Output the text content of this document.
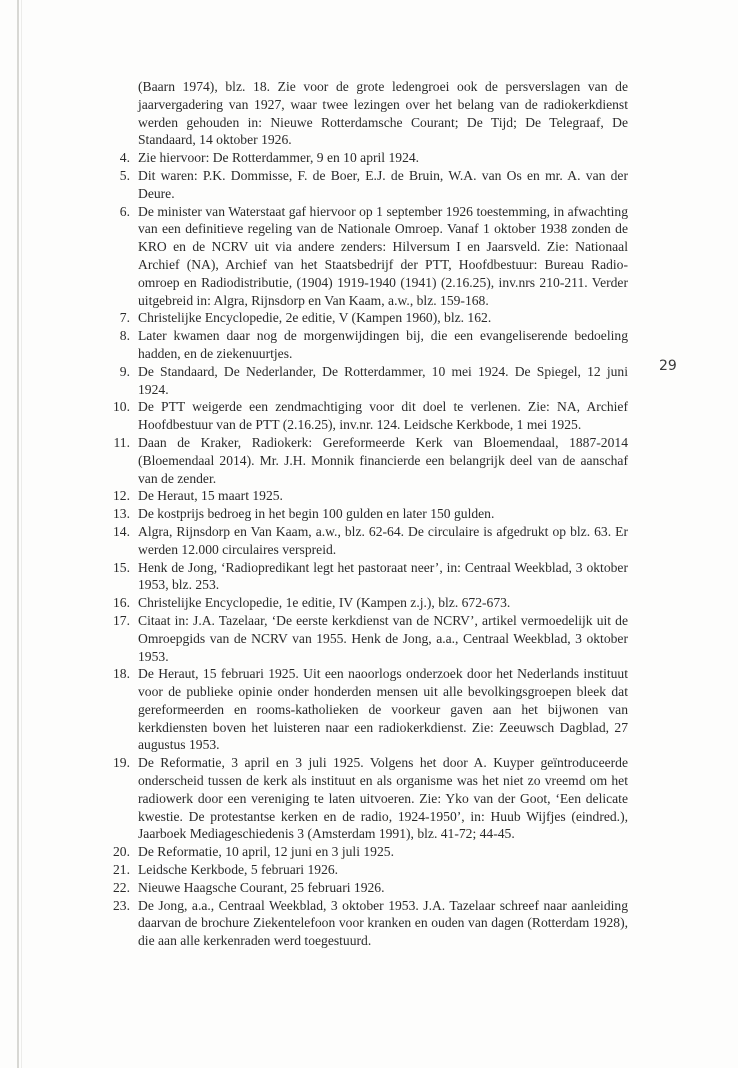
(Baarn 1974), blz. 18. Zie voor de grote ledengroei ook de persverslagen van de jaarvergadering van 1927, waar twee lezingen over het belang van de radiokerkdienst werden gehouden in: Nieuwe Rotterdamsche Courant; De Tijd; De Telegraaf, De Standaard, 14 oktober 1926.

4. Zie hiervoor: De Rotterdammer, 9 en 10 april 1924.

5. Dit waren: P.K. Dommisse, F. de Boer, E.J. de Bruin, W.A. van Os en mr. A. van der Deure.

6. De minister van Waterstaat gaf hiervoor op 1 september 1926 toestemming, in afwachting van een definitieve regeling van de Nationale Omroep. Vanaf 1 oktober 1938 zonden de KRO en de NCRV uit via andere zenders: Hilversum I en Jaarsveld. Zie: Nationaal Archief (NA), Archief van het Staatsbedrijf der PTT, Hoofdbestuur: Bureau Radio-omroep en Radiodistributie, (1904) 1919-1940 (1941) (2.16.25), inv.nrs 210-211. Verder uitgebreid in: Algra, Rijnsdorp en Van Kaam, a.w., blz. 159-168.

7. Christelijke Encyclopedie, 2e editie, V (Kampen 1960), blz. 162.

8. Later kwamen daar nog de morgenwijdingen bij, die een evangeliserende bedoeling hadden, en de ziekenuurtjes.

9. De Standaard, De Nederlander, De Rotterdammer, 10 mei 1924. De Spiegel, 12 juni 1924.

10. De PTT weigerde een zendmachtiging voor dit doel te verlenen. Zie: NA, Archief Hoofdbestuur van de PTT (2.16.25), inv.nr. 124. Leidsche Kerkbode, 1 mei 1925.

11. Daan de Kraker, Radiokerk: Gereformeerde Kerk van Bloemendaal, 1887-2014 (Bloemendaal 2014). Mr. J.H. Monnik financierde een belangrijk deel van de aanschaf van de zender.

12. De Heraut, 15 maart 1925.

13. De kostprijs bedroeg in het begin 100 gulden en later 150 gulden.

14. Algra, Rijnsdorp en Van Kaam, a.w., blz. 62-64. De circulaire is afgedrukt op blz. 63. Er werden 12.000 circulaires verspreid.

15. Henk de Jong, ‘Radiopredikant legt het pastoraat neer’, in: Centraal Weekblad, 3 oktober 1953, blz. 253.

16. Christelijke Encyclopedie, 1e editie, IV (Kampen z.j.), blz. 672-673.

17. Citaat in: J.A. Tazelaar, ‘De eerste kerkdienst van de NCRV’, artikel vermoedelijk uit de Omroepgids van de NCRV van 1955. Henk de Jong, a.a., Centraal Weekblad, 3 oktober 1953.

18. De Heraut, 15 februari 1925. Uit een naoorlogs onderzoek door het Nederlands instituut voor de publieke opinie onder honderden mensen uit alle bevolkingsgroepen bleek dat gereformeerden en rooms-katholieken de voorkeur gaven aan het bijwonen van kerkdiensten boven het luisteren naar een radiokerkdienst. Zie: Zeeuwsch Dagblad, 27 augustus 1953.

19. De Reformatie, 3 april en 3 juli 1925. Volgens het door A. Kuyper geïntroduceerde onderscheid tussen de kerk als instituut en als organisme was het niet zo vreemd om het radiowerk door een vereniging te laten uitvoeren. Zie: Yko van der Goot, ‘Een delicate kwestie. De protestantse kerken en de radio, 1924-1950’, in: Huub Wijfjes (eindred.), Jaarboek Mediageschiedenis 3 (Amsterdam 1991), blz. 41-72; 44-45.

20. De Reformatie, 10 april, 12 juni en 3 juli 1925.

21. Leidsche Kerkbode, 5 februari 1926.

22. Nieuwe Haagsche Courant, 25 februari 1926.

23. De Jong, a.a., Centraal Weekblad, 3 oktober 1953. J.A. Tazelaar schreef naar aanleiding daarvan de brochure Ziekentelefoon voor kranken en ouden van dagen (Rotterdam 1928), die aan alle kerkenraden werd toegestuurd.

29
